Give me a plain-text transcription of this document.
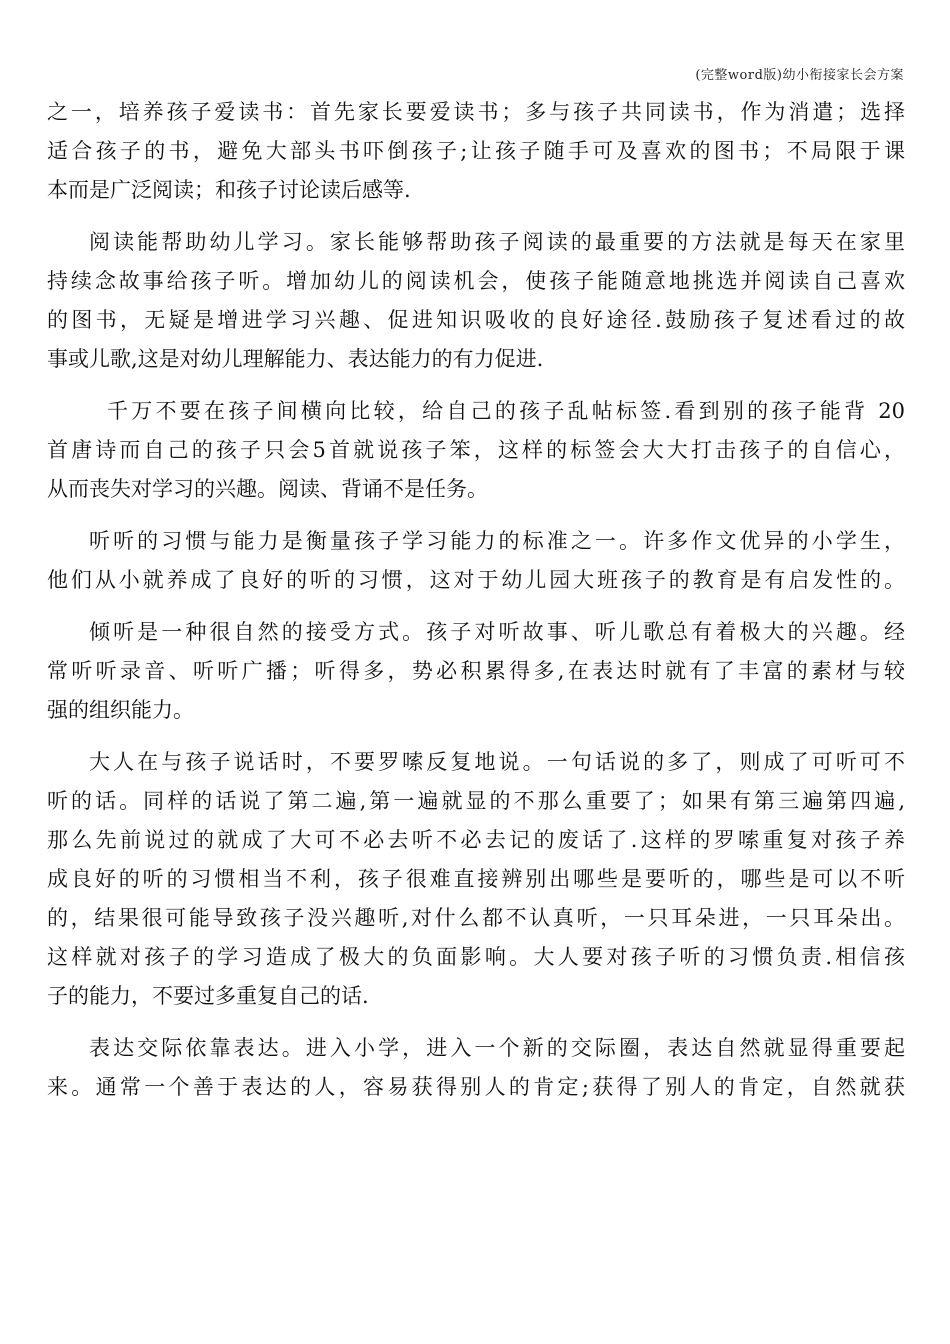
(完整word版)幼小衔接家长会方案
之一，培养孩子爱读书：首先家长要爱读书；多与孩子共同读书，作为消遣；选择
适合孩子的书，避免大部头书吓倒孩子;让孩子随手可及喜欢的图书；不局限于课
本而是广泛阅读；和孩子讨论读后感等.
阅读能帮助幼儿学习。家长能够帮助孩子阅读的最重要的方法就是每天在家里
持续念故事给孩子听。增加幼儿的阅读机会，使孩子能随意地挑选并阅读自己喜欢
的图书，无疑是增进学习兴趣、促进知识吸收的良好途径.鼓励孩子复述看过的故
事或儿歌,这是对幼儿理解能力、表达能力的有力促进.
千万不要在孩子间横向比较，给自己的孩子乱帖标签.看到别的孩子能背 20
首唐诗而自己的孩子只会5首就说孩子笨，这样的标签会大大打击孩子的自信心，
从而丧失对学习的兴趣。阅读、背诵不是任务。
听听的习惯与能力是衡量孩子学习能力的标准之一。许多作文优异的小学生，
他们从小就养成了良好的听的习惯，这对于幼儿园大班孩子的教育是有启发性的。
倾听是一种很自然的接受方式。孩子对听故事、听儿歌总有着极大的兴趣。经
常听听录音、听听广播；听得多，势必积累得多,在表达时就有了丰富的素材与较
强的组织能力。
大人在与孩子说话时，不要罗嗦反复地说。一句话说的多了，则成了可听可不
听的话。同样的话说了第二遍,第一遍就显的不那么重要了；如果有第三遍第四遍,
那么先前说过的就成了大可不必去听不必去记的废话了.这样的罗嗦重复对孩子养
成良好的听的习惯相当不利，孩子很难直接辨别出哪些是要听的，哪些是可以不听
的，结果很可能导致孩子没兴趣听,对什么都不认真听，一只耳朵进，一只耳朵出。
这样就对孩子的学习造成了极大的负面影响。大人要对孩子听的习惯负责.相信孩
子的能力，不要过多重复自己的话.
表达交际依靠表达。进入小学，进入一个新的交际圈，表达自然就显得重要起
来。通常一个善于表达的人，容易获得别人的肯定;获得了别人的肯定，自然就获
